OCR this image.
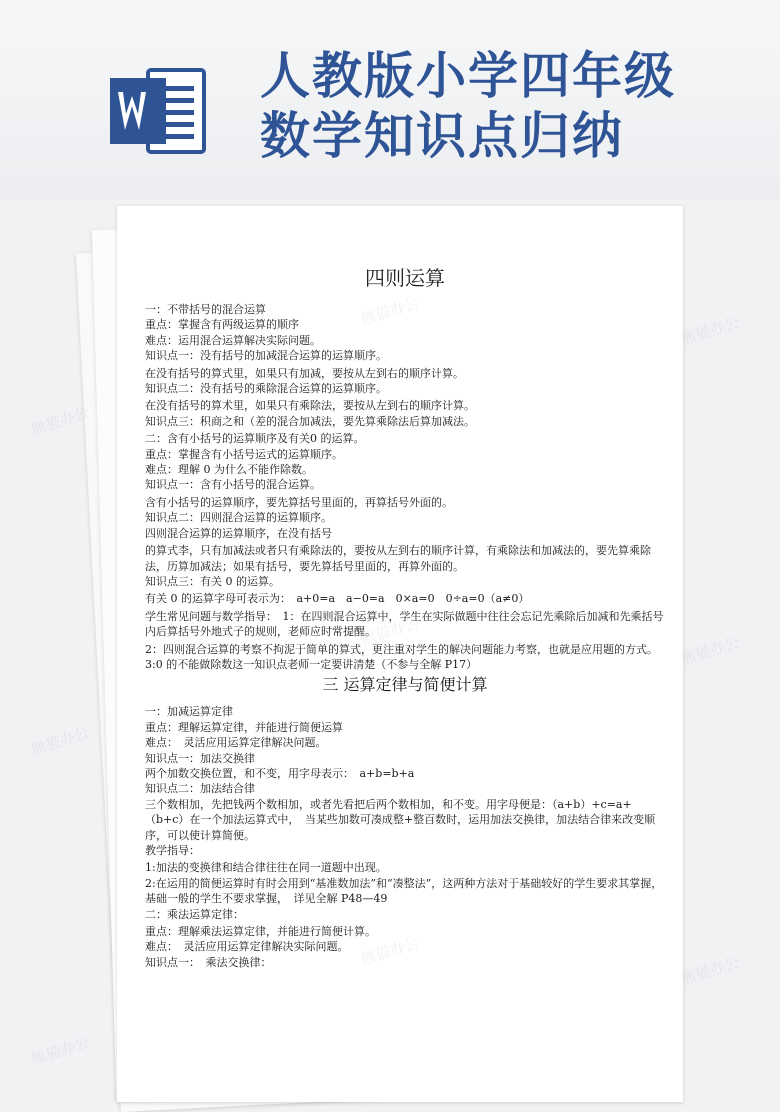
人教版小学四年级
数学知识点归纳
四则运算
一：不带括号的混合运算
重点：掌握含有两级运算的顺序
难点：运用混合运算解决实际问题。
知识点一：没有括号的加减混合运算的运算顺序。
在没有括号的算式里，如果只有加减，要按从左到右的顺序计算。
知识点二：没有括号的乘除混合运算的运算顺序。
在没有括号的算术里，如果只有乘除法，要按从左到右的顺序计算。
知识点三：积商之和（差的混合加减法，要先算乘除法后算加减法。
二：含有小括号的运算顺序及有关0 的运算。
重点：掌握含有小括号运式的运算顺序。
难点：理解 0 为什么不能作除数。
知识点一：含有小括号的混合运算。
含有小括号的运算顺序，要先算括号里面的，再算括号外面的。
知识点二：四则混合运算的运算顺序。
四则混合运算的运算顺序，在没有括号
的算式李，只有加减法或者只有乘除法的，要按从左到右的顺序计算，有乘除法和加减法的，要先算乘除法，历算加减法；如果有括号，要先算括号里面的，再算外面的。
知识点三：有关 0 的运算。
有关 0 的运算字母可表示为：　a+0=a　a−0=a　0×a=0　0÷a=0（a≠0）
学生常见问题与数学指导：　1：在四则混合运算中，学生在实际做题中往往会忘记先乘除后加减和先乘括号内后算括号外地式子的规则，老师应时常提醒。
2：四则混合运算的考察不拘泥于简单的算式，更注重对学生的解决问题能力考察，也就是应用题的方式。
3:0 的不能做除数这一知识点老师一定要讲清楚（不参与全解 P17）
三 运算定律与简便计算
一：加减运算定律
重点：理解运算定律，并能进行简便运算
难点：　灵活应用运算定律解决问题。
知识点一：加法交换律
两个加数交换位置，和不变，用字母表示：　a+b=b+a
知识点二：加法结合律
三个数相加，先把钱两个数相加，或者先看把后两个数相加，和不变。用字母便是：（a+b）+c=a+（b+c）在一个加法运算式中，　当某些加数可凑成整+整百数时，运用加法交换律，加法结合律来改变顺序，可以使计算简便。
教学指导：
1:加法的变换律和结合律往往在同一道题中出现。
2:在运用的简便运算时有时会用到“基准数加法”和“凑整法”，这两种方法对于基础较好的学生要求其掌握，　基础一般的学生不要求掌握，　详见全解 P48—49
二：乘法运算定律：
重点：理解乘法运算定律，并能进行简便计算。
难点：　灵活应用运算定律解决实际问题。
知识点一：　乘法交换律：
熊猫办公
熊猫办公
熊猫办公
熊猫办公
熊猫办公
熊猫办公
